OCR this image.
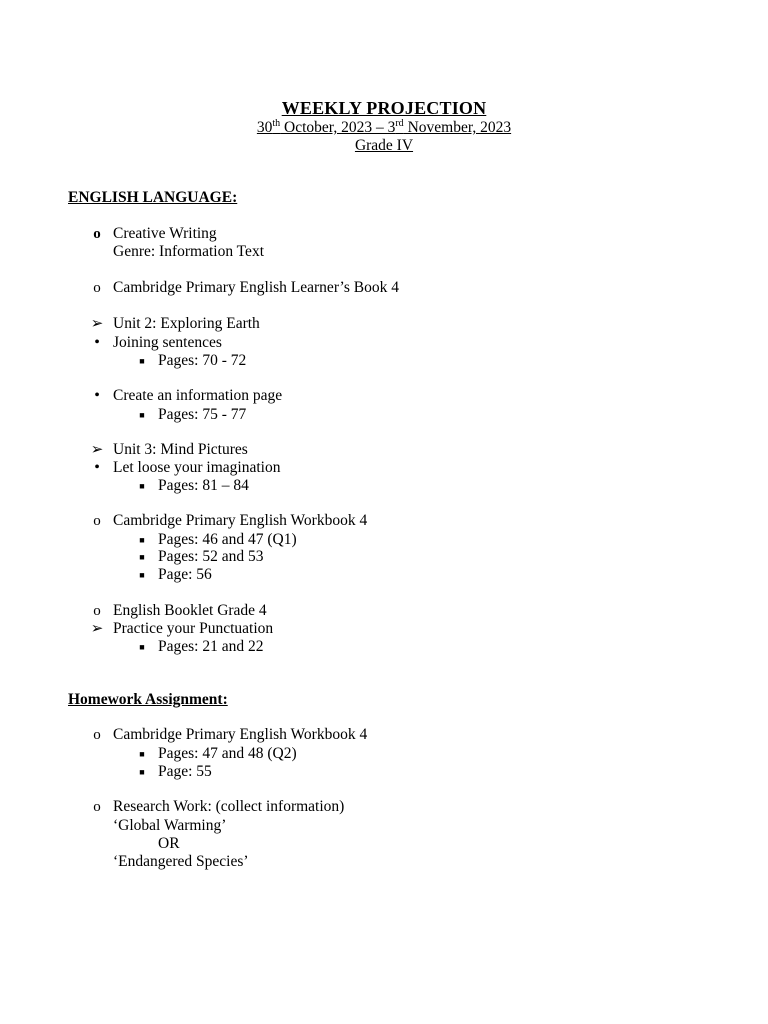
WEEKLY PROJECTION
30th October, 2023 – 3rd November, 2023
Grade IV
ENGLISH LANGUAGE:
o Creative Writing
Genre: Information Text
o Cambridge Primary English Learner’s Book 4
➢ Unit 2: Exploring Earth
• Joining sentences
■ Pages: 70 - 72
• Create an information page
■ Pages: 75 - 77
➢ Unit 3: Mind Pictures
• Let loose your imagination
■ Pages: 81 – 84
o Cambridge Primary English Workbook 4
■ Pages: 46 and 47 (Q1)
■ Pages: 52 and 53
■ Page: 56
o English Booklet Grade 4
➢ Practice your Punctuation
■ Pages: 21 and 22
Homework Assignment:
o Cambridge Primary English Workbook 4
■ Pages: 47 and 48 (Q2)
■ Page: 55
o Research Work: (collect information)
‘Global Warming’
OR
‘Endangered Species’
